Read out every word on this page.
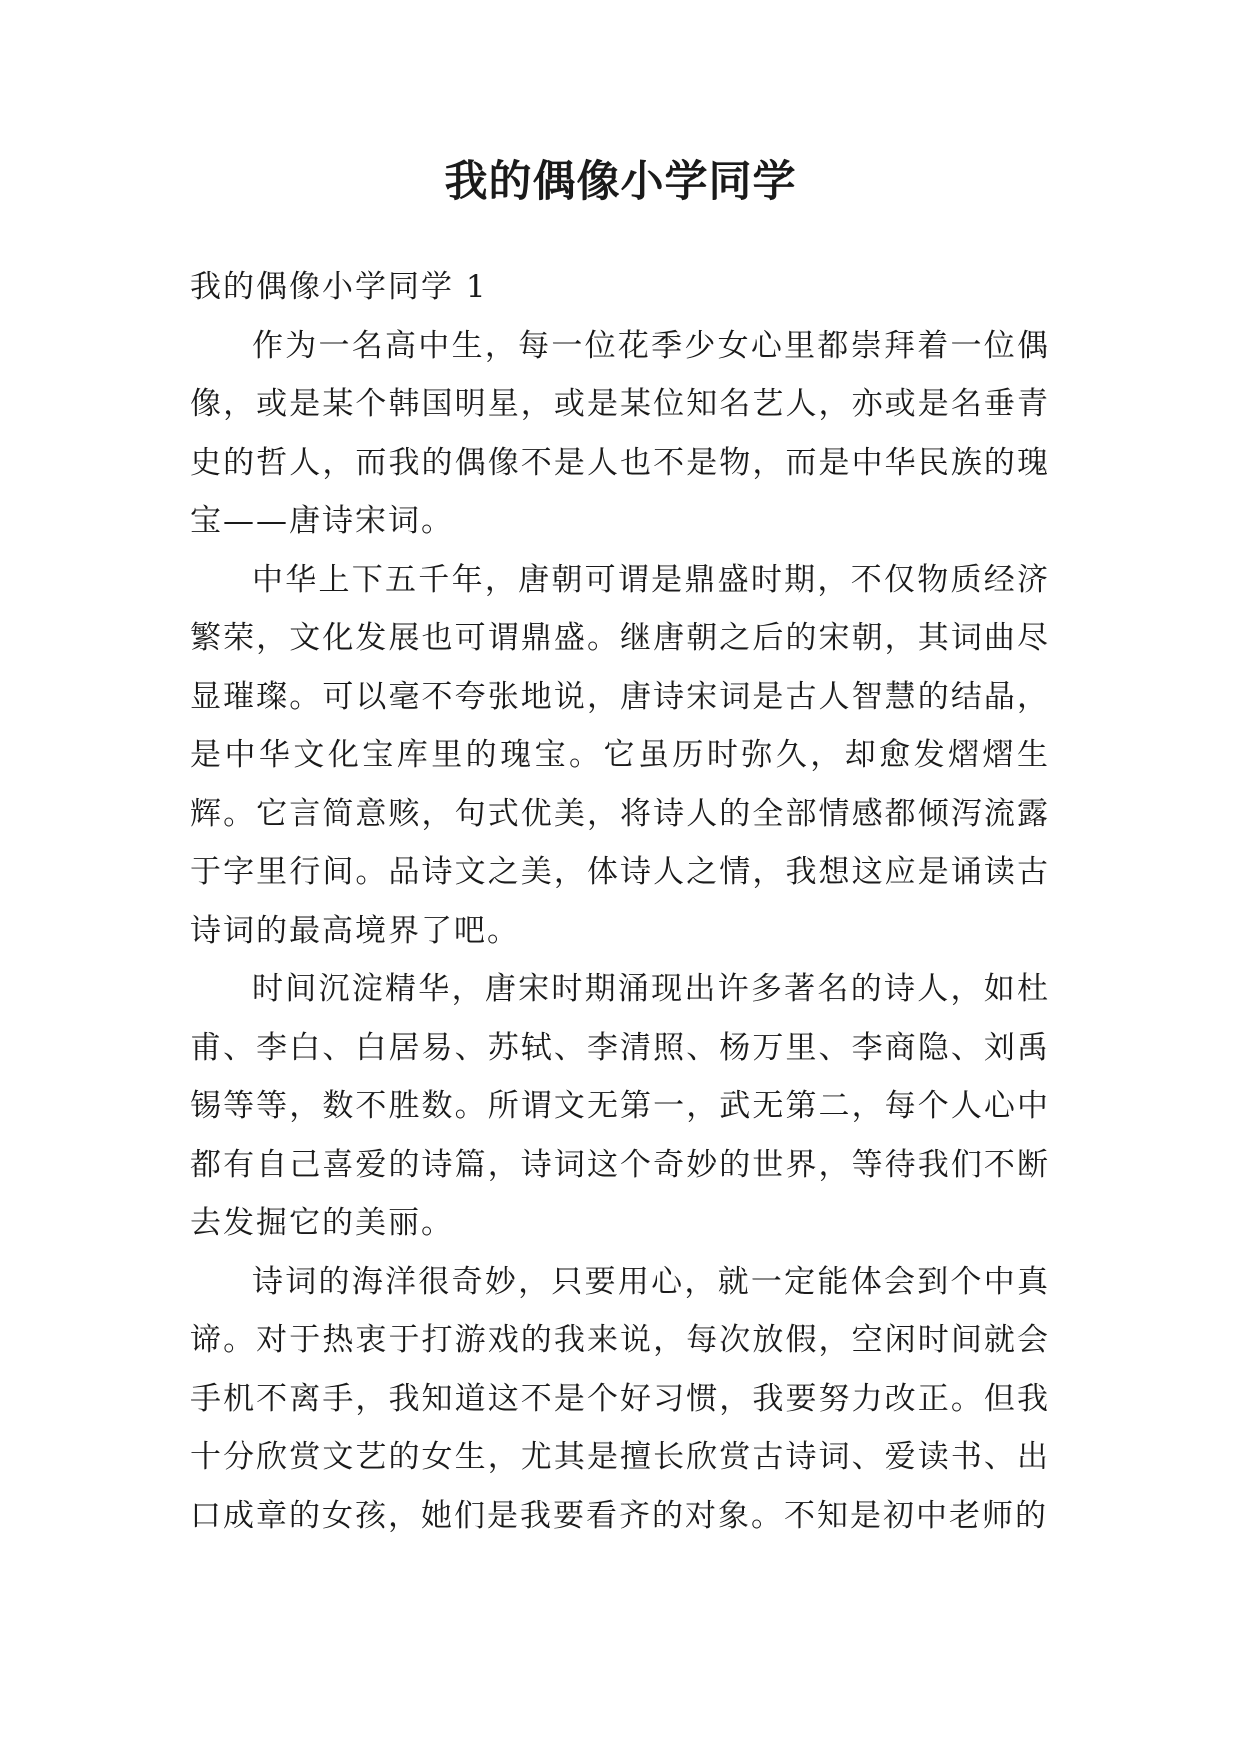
我的偶像小学同学
我的偶像小学同学 1

作为一名高中生，每一位花季少女心里都崇拜着一位偶像，或是某个韩国明星，或是某位知名艺人，亦或是名垂青史的哲人，而我的偶像不是人也不是物，而是中华民族的瑰宝——唐诗宋词。

中华上下五千年，唐朝可谓是鼎盛时期，不仅物质经济繁荣，文化发展也可谓鼎盛。继唐朝之后的宋朝，其词曲尽显璀璨。可以毫不夸张地说，唐诗宋词是古人智慧的结晶，是中华文化宝库里的瑰宝。它虽历时弥久，却愈发熠熠生辉。它言简意赅，句式优美，将诗人的全部情感都倾泻流露于字里行间。品诗文之美，体诗人之情，我想这应是诵读古诗词的最高境界了吧。

时间沉淀精华，唐宋时期涌现出许多著名的诗人，如杜甫、李白、白居易、苏轼、李清照、杨万里、李商隐、刘禹锡等等，数不胜数。所谓文无第一，武无第二，每个人心中都有自己喜爱的诗篇，诗词这个奇妙的世界，等待我们不断去发掘它的美丽。

诗词的海洋很奇妙，只要用心，就一定能体会到个中真谛。对于热衷于打游戏的我来说，每次放假，空闲时间就会手机不离手，我知道这不是个好习惯，我要努力改正。但我十分欣赏文艺的女生，尤其是擅长欣赏古诗词、爱读书、出口成章的女孩，她们是我要看齐的对象。不知是初中老师的
